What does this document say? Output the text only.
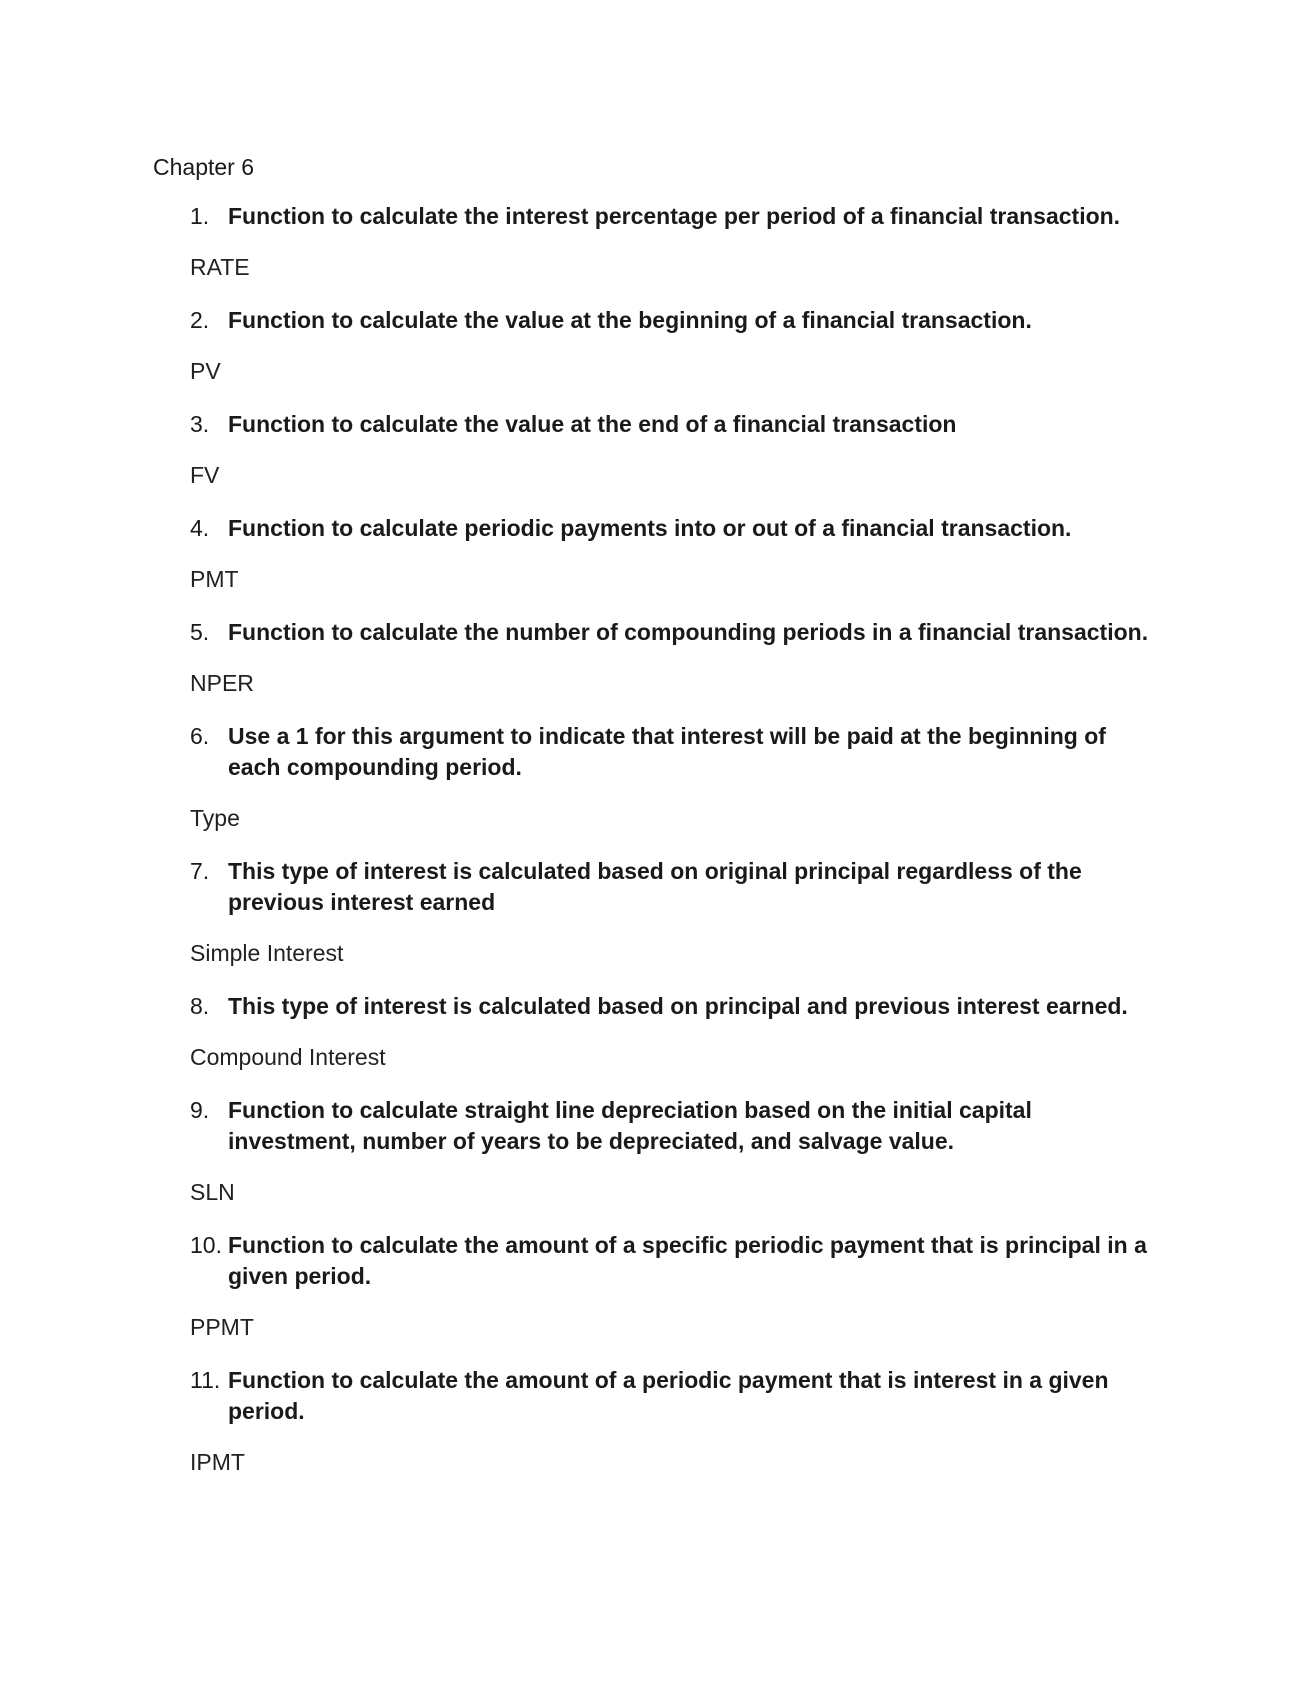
Chapter 6
1. Function to calculate the interest percentage per period of a financial transaction.
RATE
2. Function to calculate the value at the beginning of a financial transaction.
PV
3. Function to calculate the value at the end of a financial transaction
FV
4. Function to calculate periodic payments into or out of a financial transaction.
PMT
5. Function to calculate the number of compounding periods in a financial transaction.
NPER
6. Use a 1 for this argument to indicate that interest will be paid at the beginning of each compounding period.
Type
7. This type of interest is calculated based on original principal regardless of the previous interest earned
Simple Interest
8. This type of interest is calculated based on principal and previous interest earned.
Compound Interest
9. Function to calculate straight line depreciation based on the initial capital investment, number of years to be depreciated, and salvage value.
SLN
10. Function to calculate the amount of a specific periodic payment that is principal in a given period.
PPMT
11. Function to calculate the amount of a periodic payment that is interest in a given period.
IPMT
